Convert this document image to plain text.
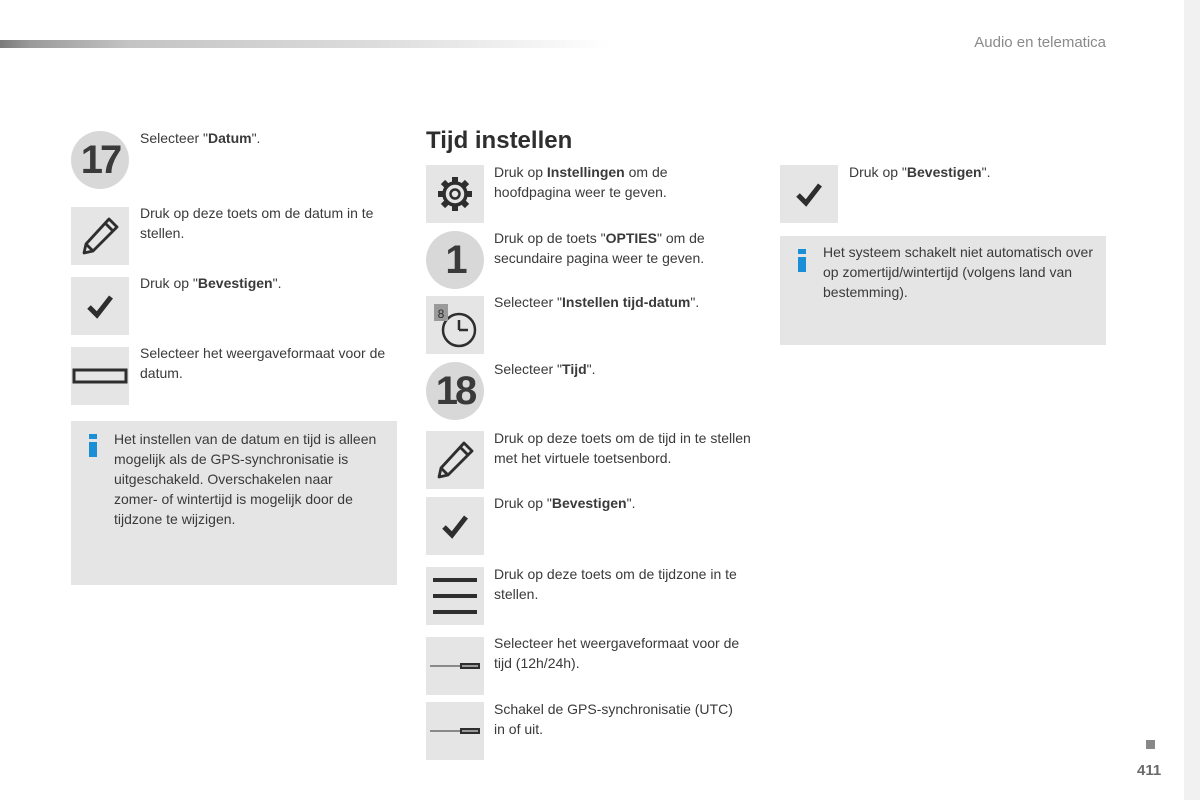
Audio en telematica
17	Selecteer "Datum".
Druk op deze toets om de datum in te stellen.
Druk op "Bevestigen".
Selecteer het weergaveformaat voor de datum.
Het instellen van de datum en tijd is alleen mogelijk als de GPS-synchronisatie is uitgeschakeld. Overschakelen naar zomer- of wintertijd is mogelijk door de tijdzone te wijzigen.
Tijd instellen
Druk op Instellingen om de hoofdpagina weer te geven.
1	Druk op de toets "OPTIES" om de secundaire pagina weer te geven.
8
Selecteer "Instellen tijd-datum".
18	Selecteer "Tijd".
Druk op deze toets om de tijd in te stellen met het virtuele toetsenbord.
Druk op "Bevestigen".
Druk op deze toets om de tijdzone in te stellen.
Selecteer het weergaveformaat voor de tijd (12h/24h).
Schakel de GPS-synchronisatie (UTC) in of uit.
Druk op "Bevestigen".
Het systeem schakelt niet automatisch over op zomertijd/wintertijd (volgens land van bestemming).
411
